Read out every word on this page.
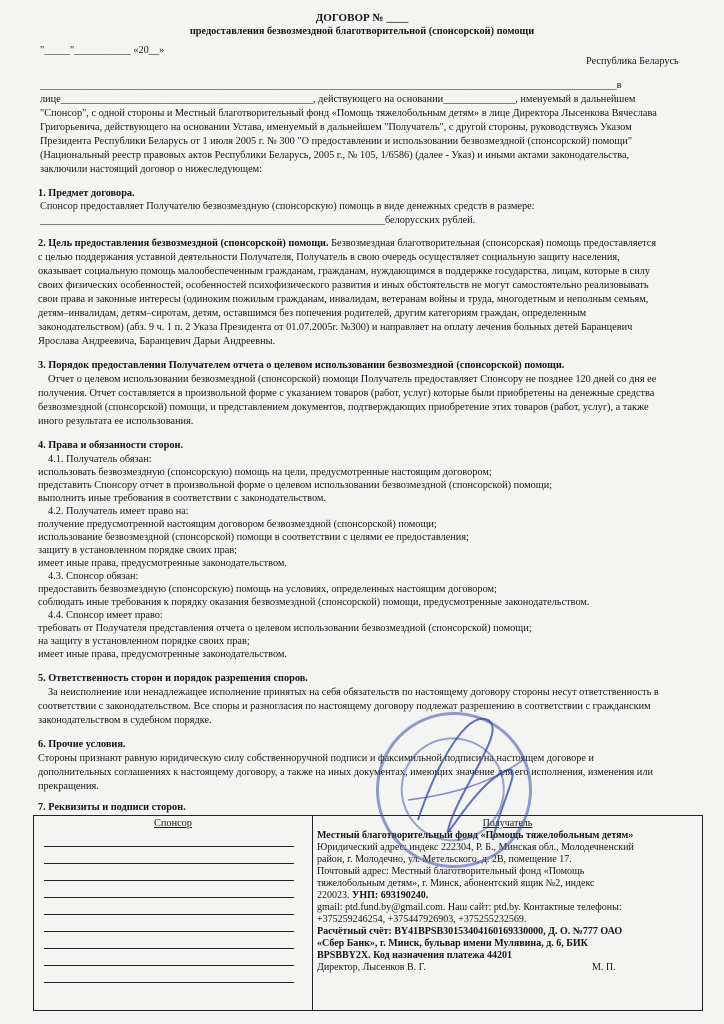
ДОГОВОР № ____
предоставления безвозмездной благотворительной (спонсорской) помощи
"_____"___________ «20__»
Республика Беларусь
________________________________________________________________________________________________________________в
лице_________________________________________________, действующего на основании______________, именуемый в дальнейшем
"Спонсор", с одной стороны и Местный благотворительный фонд «Помощь тяжелобольным детям» в лице Директора Лысенкова Вячеслава
Григорьевича, действующего на основании Устава, именуемый в дальнейшем "Получатель", с другой стороны, руководствуясь Указом
Президента Республики Беларусь от 1 июля 2005 г. № 300 "О предоставлении и использовании безвозмездной (спонсорской) помощи"
(Национальный реестр правовых актов Республики Беларусь, 2005 г., № 105, 1/6586) (далее - Указ) и иными актами законодательства,
заключили настоящий договор о нижеследующем:
1. Предмет договора.
Спонсор предоставляет Получателю безвозмездную (спонсорскую) помощь в виде денежных средств в размере:
___________________________________________________________________белорусских рублей.
2. Цель предоставления безвозмездной (спонсорской) помощи. Безвозмездная благотворительная (спонсорская) помощь предоставляется
с целью поддержания уставной деятельности Получателя, Получатель в свою очередь осуществляет социальную защиту населения,
оказывает социальную помощь малообеспеченным гражданам, гражданам, нуждающимся в поддержке государства, лицам, которые в силу
своих физических особенностей, особенностей психофизического развития и иных обстоятельств не могут самостоятельно реализовывать
свои права и законные интересы (одиноким пожилым гражданам, инвалидам, ветеранам войны и труда, многодетным и неполным семьям,
детям–инвалидам, детям–сиротам, детям, оставшимся без попечения родителей, другим категориям граждан, определенным
законодательством) (абз. 9 ч. 1 п. 2 Указа Президента от 01.07.2005г. №300) и направляет на оплату лечения больных детей Баранцевич
Ярослава Андреевича, Баранцевич Дарьи Андреевны.
3. Порядок предоставления Получателем отчета о целевом использовании безвозмездной (спонсорской) помощи.
Отчет о целевом использовании безвозмездной (спонсорской) помощи Получатель предоставляет Спонсору не позднее 120 дней со дня ее
получения. Отчет составляется в произвольной форме с указанием товаров (работ, услуг) которые были приобретены на денежные средства
безвозмездной (спонсорской) помощи, и представлением документов, подтверждающих приобретение этих товаров (работ, услуг), а также
иного результата ее использования.
4. Права и обязанности сторон.
4.1. Получатель обязан:
использовать безвозмездную (спонсорскую) помощь на цели, предусмотренные настоящим договором;
представить Спонсору отчет в произвольной форме о целевом использовании безвозмездной (спонсорской) помощи;
выполнить иные требования в соответствии с законодательством.
4.2. Получатель имеет право на:
получение предусмотренной настоящим договором безвозмездной (спонсорской) помощи;
использование безвозмездной (спонсорской) помощи в соответствии с целями ее предоставления;
защиту в установленном порядке своих прав;
имеет иные права, предусмотренные законодательством.
4.3. Спонсор обязан:
предоставить безвозмездную (спонсорскую) помощь на условиях, определенных настоящим договором;
соблюдать иные требования к порядку оказания безвозмездной (спонсорской) помощи, предусмотренные законодательством.
4.4. Спонсор имеет право:
требовать от Получателя представления отчета о целевом использовании безвозмездной (спонсорской) помощи;
на защиту в установленном порядке своих прав;
имеет иные права, предусмотренные законодательством.
5. Ответственность сторон и порядок разрешения споров.
За неисполнение или ненадлежащее исполнение принятых на себя обязательств по настоящему договору стороны несут ответственность в
соответствии с законодательством. Все споры и разногласия по настоящему договору подлежат разрешению в соответствии с гражданским
законодательством в судебном порядке.
6. Прочие условия.
Стороны признают равную юридическую силу собственноручной подписи и факсимильной подписи на настоящем договоре и
дополнительных соглашениях к настоящему договору, а также на иных документах, имеющих значение для его исполнения, изменения или
прекращения.
7. Реквизиты и подписи сторон.
Спонсор	Получатель
Местный благотворительный фонд «Помощь тяжелобольным детям»
Юридический адрес: индекс 222304, Р. Б., Минская обл., Молодечненский
район, г. Молодечно, ул. Метельского, д. 2В, помещение 17.
Почтовый адрес: Местный благотворительный фонд «Помощь
тяжелобольным детям», г. Минск, абонентский ящик №2, индекс
220023. УНП: 693190240.
gmail: ptd.fund.by@gmail.com. Наш сайт: ptd.by. Контактные телефоны:
+375259246254, +375447926903, +375255232569.
Расчётный счёт: BY41BPSB30153404160169330000, Д. О. №777 ОАО
«Сбер Банк», г. Минск, бульвар имени Мулявина, д. 6, БИК
BPSBBY2X. Код назначения платежа 44201
Директор, Лысенков В. Г.	М. П.
